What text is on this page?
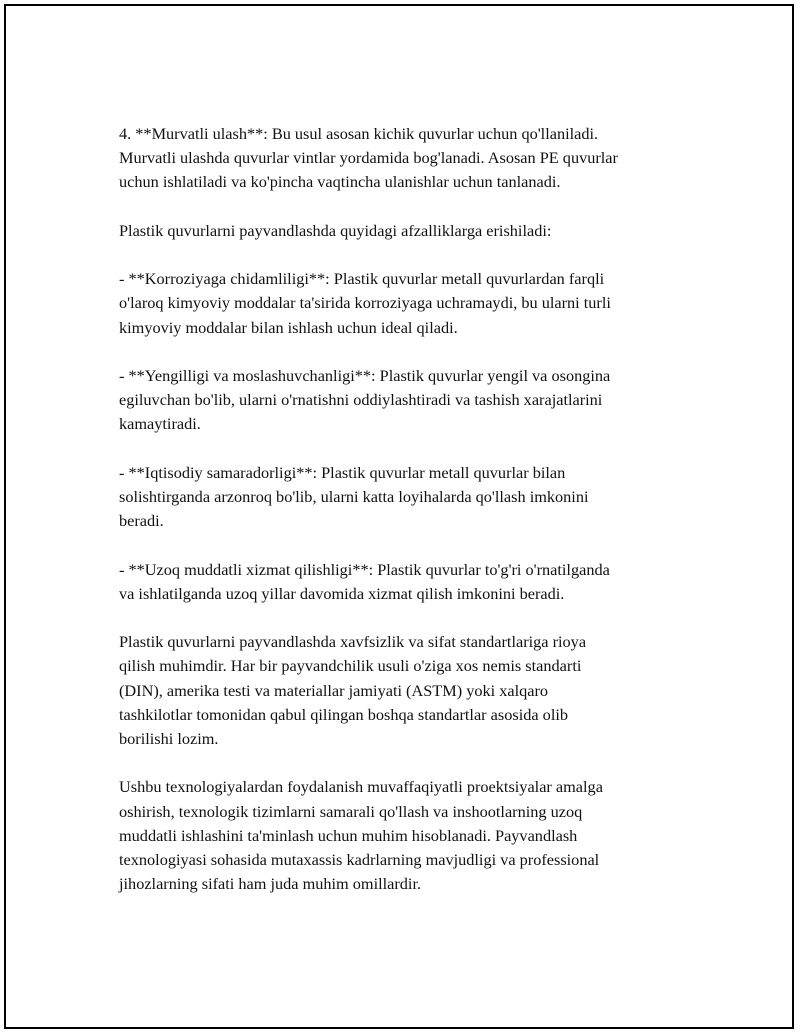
4. **Murvatli ulash**: Bu usul asosan kichik quvurlar uchun qo'llaniladi.
Murvatli ulashda quvurlar vintlar yordamida bog'lanadi. Asosan PE quvurlar
uchun ishlatiladi va ko'pincha vaqtincha ulanishlar uchun tanlanadi.

Plastik quvurlarni payvandlashda quyidagi afzalliklarga erishiladi:

- **Korroziyaga chidamliligi**: Plastik quvurlar metall quvurlardan farqli
o'laroq kimyoviy moddalar ta'sirida korroziyaga uchramaydi, bu ularni turli
kimyoviy moddalar bilan ishlash uchun ideal qiladi.

- **Yengilligi va moslashuvchanligi**: Plastik quvurlar yengil va osongina
egiluvchan bo'lib, ularni o'rnatishni oddiylashtiradi va tashish xarajatlarini
kamaytiradi.

- **Iqtisodiy samaradorligi**: Plastik quvurlar metall quvurlar bilan
solishtirganda arzonroq bo'lib, ularni katta loyihalarda qo'llash imkonini
beradi.

- **Uzoq muddatli xizmat qilishligi**: Plastik quvurlar to'g'ri o'rnatilganda
va ishlatilganda uzoq yillar davomida xizmat qilish imkonini beradi.

Plastik quvurlarni payvandlashda xavfsizlik va sifat standartlariga rioya
qilish muhimdir. Har bir payvandchilik usuli o'ziga xos nemis standarti
(DIN), amerika testi va materiallar jamiyati (ASTM) yoki xalqaro
tashkilotlar tomonidan qabul qilingan boshqa standartlar asosida olib
borilishi lozim.

Ushbu texnologiyalardan foydalanish muvaffaqiyatli proektsiyalar amalga
oshirish, texnologik tizimlarni samarali qo'llash va inshootlarning uzoq
muddatli ishlashini ta'minlash uchun muhim hisoblanadi. Payvandlash
texnologiyasi sohasida mutaxassis kadrlarning mavjudligi va professional
jihozlarning sifati ham juda muhim omillardir.
